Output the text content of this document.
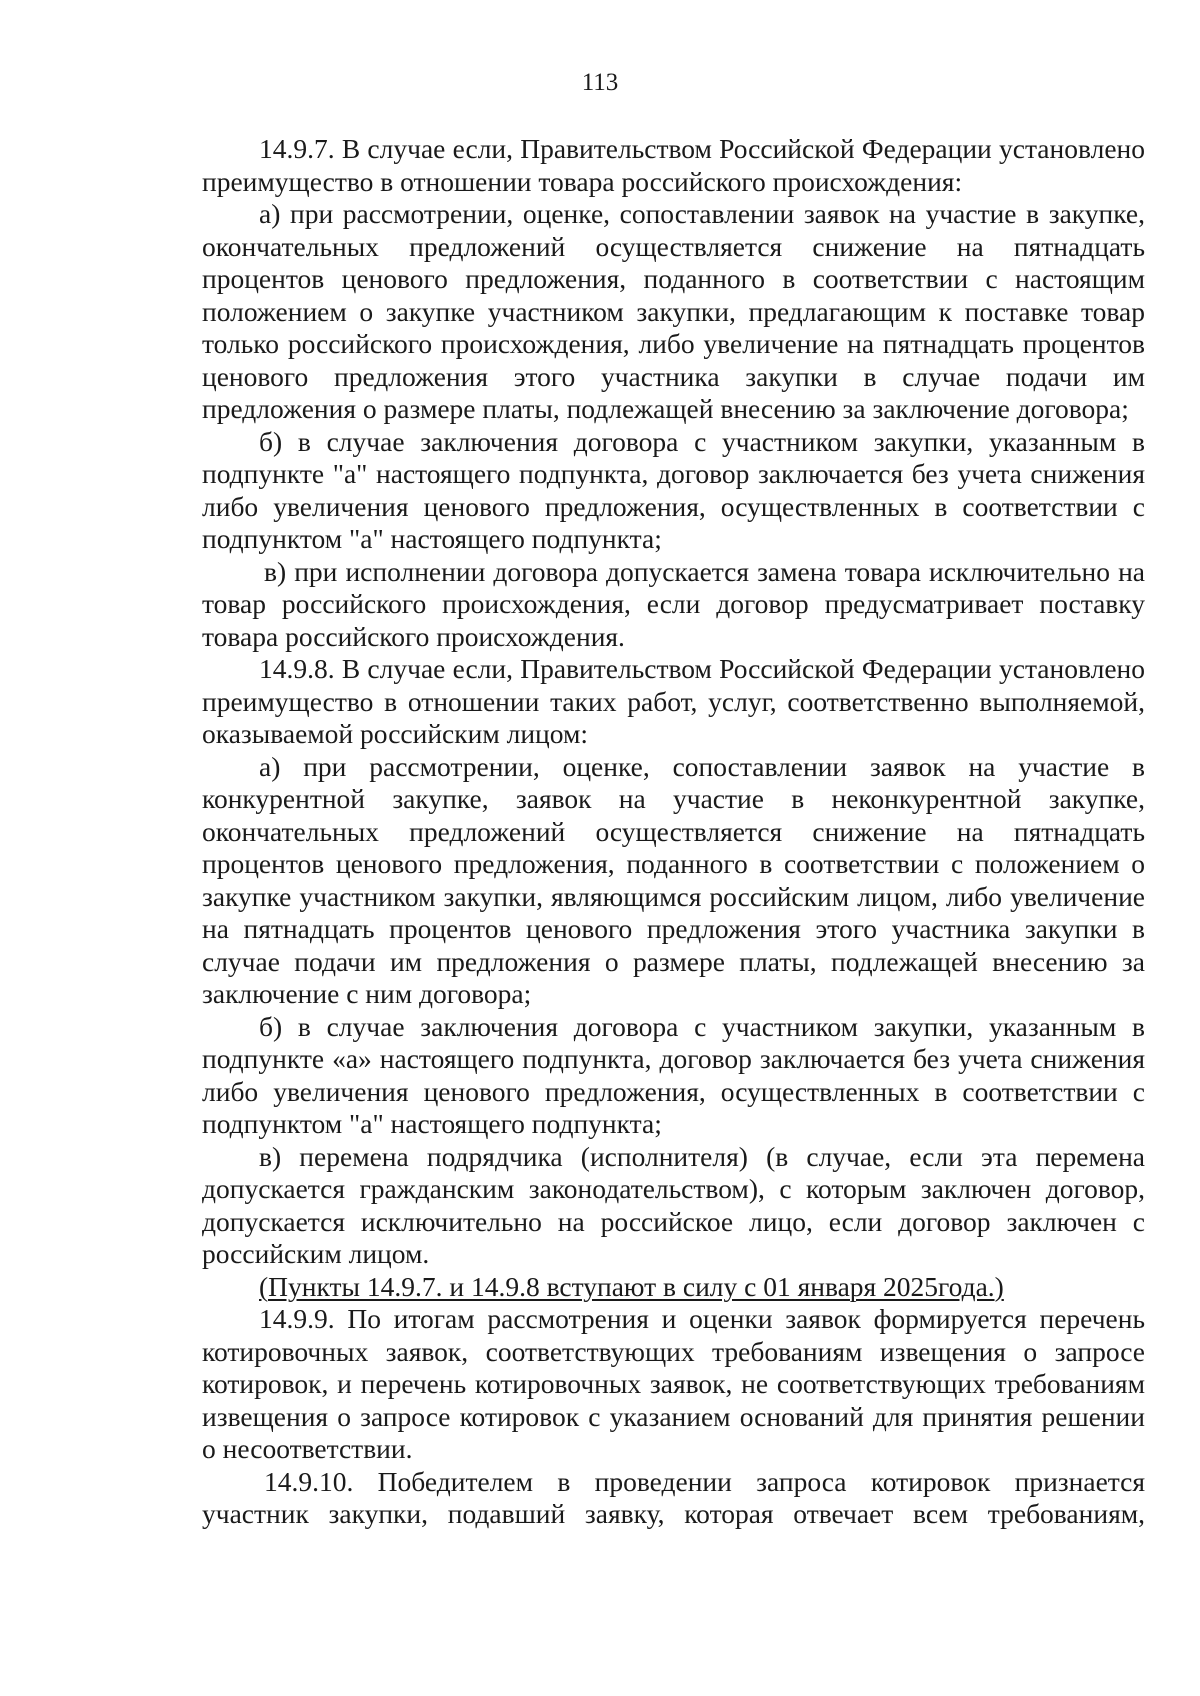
113

14.9.7. В случае если, Правительством Российской Федерации установлено преимущество в отношении товара российского происхождения:

а) при рассмотрении, оценке, сопоставлении заявок на участие в закупке, окончательных предложений осуществляется снижение на пятнадцать процентов ценового предложения, поданного в соответствии с настоящим положением о закупке участником закупки, предлагающим к поставке товар только российского происхождения, либо увеличение на пятнадцать процентов ценового предложения этого участника закупки в случае подачи им предложения о размере платы, подлежащей внесению за заключение договора;

б) в случае заключения договора с участником закупки, указанным в подпункте "а" настоящего подпункта, договор заключается без учета снижения либо увеличения ценового предложения, осуществленных в соответствии с подпунктом "а" настоящего подпункта;

в) при исполнении договора допускается замена товара исключительно на товар российского происхождения, если договор предусматривает поставку товара российского происхождения.

14.9.8. В случае если, Правительством Российской Федерации установлено преимущество в отношении таких работ, услуг, соответственно выполняемой, оказываемой российским лицом:

а) при рассмотрении, оценке, сопоставлении заявок на участие в конкурентной закупке, заявок на участие в неконкурентной закупке, окончательных предложений осуществляется снижение на пятнадцать процентов ценового предложения, поданного в соответствии с положением о закупке участником закупки, являющимся российским лицом, либо увеличение на пятнадцать процентов ценового предложения этого участника закупки в случае подачи им предложения о размере платы, подлежащей внесению за заключение с ним договора;

б) в случае заключения договора с участником закупки, указанным в подпункте «а» настоящего подпункта, договор заключается без учета снижения либо увеличения ценового предложения, осуществленных в соответствии с подпунктом "а" настоящего подпункта;

в) перемена подрядчика (исполнителя) (в случае, если эта перемена допускается гражданским законодательством), с которым заключен договор, допускается исключительно на российское лицо, если договор заключен с российским лицом.

(Пункты 14.9.7. и 14.9.8 вступают в силу с 01 января 2025года.)

14.9.9. По итогам рассмотрения и оценки заявок формируется перечень котировочных заявок, соответствующих требованиям извещения о запросе котировок, и перечень котировочных заявок, не соответствующих требованиям извещения о запросе котировок с указанием оснований для принятия решении о несоответствии.

14.9.10. Победителем в проведении запроса котировок признается участник закупки, подавший заявку, которая отвечает всем требованиям,
